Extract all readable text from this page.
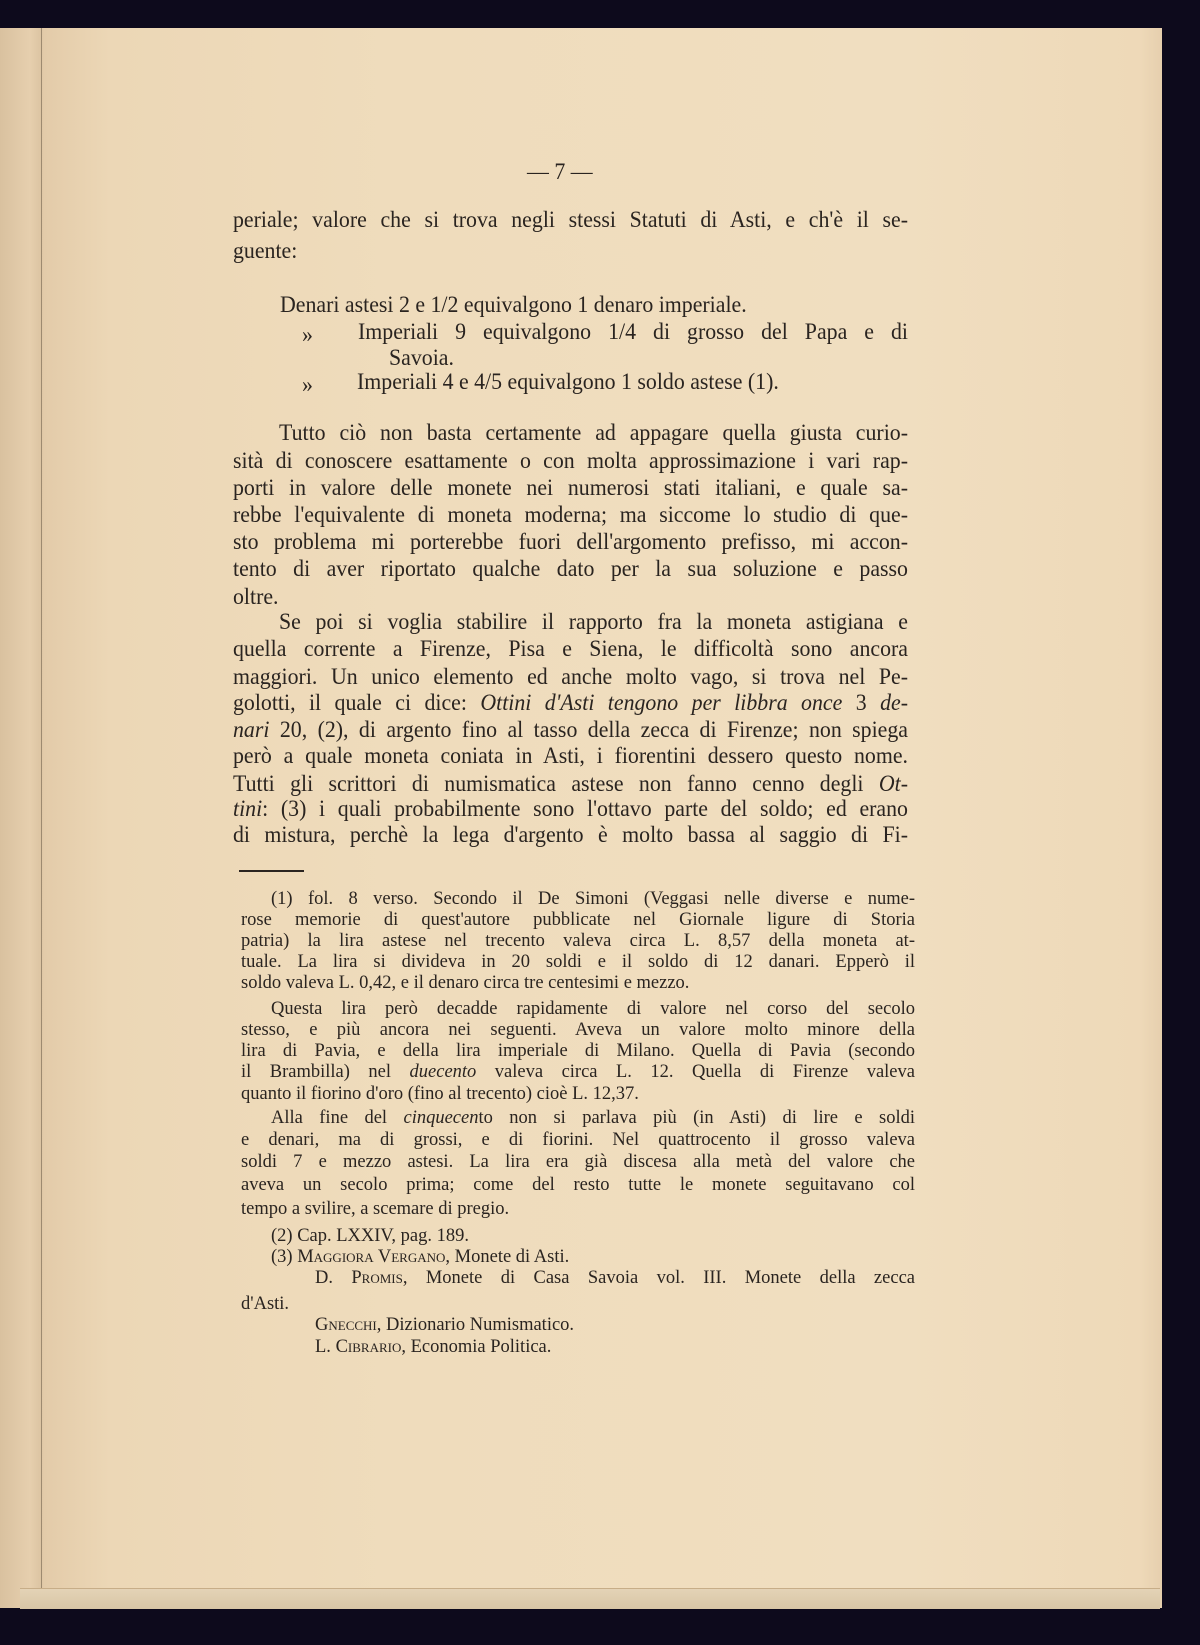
— 7 —
periale; valore che si trova negli stessi Statuti di Asti, e ch'è il se-
guente:
Denari astesi 2 e 1/2 equivalgono 1 denaro imperiale.
» Imperiali 9 equivalgono 1/4 di grosso del Papa e di
Savoia.
» Imperiali 4 e 4/5 equivalgono 1 soldo astese (1).
Tutto ciò non basta certamente ad appagare quella giusta curio-
sità di conoscere esattamente o con molta approssimazione i vari rap-
porti in valore delle monete nei numerosi stati italiani, e quale sa-
rebbe l'equivalente di moneta moderna; ma siccome lo studio di que-
sto problema mi porterebbe fuori dell'argomento prefisso, mi accon-
tento di aver riportato qualche dato per la sua soluzione e passo
oltre.
Se poi si voglia stabilire il rapporto fra la moneta astigiana e
quella corrente a Firenze, Pisa e Siena, le difficoltà sono ancora
maggiori. Un unico elemento ed anche molto vago, si trova nel Pe-
golotti, il quale ci dice: Ottini d'Asti tengono per libbra once 3 de-
nari 20, (2), di argento fino al tasso della zecca di Firenze; non spiega
però a quale moneta coniata in Asti, i fiorentini dessero questo nome.
Tutti gli scrittori di numismatica astese non fanno cenno degli Ot-
tini: (3) i quali probabilmente sono l'ottavo parte del soldo; ed erano
di mistura, perchè la lega d'argento è molto bassa al saggio di Fi-
(1) fol. 8 verso. Secondo il De Simoni (Veggasi nelle diverse e nume-
rose memorie di quest'autore pubblicate nel Giornale ligure di Storia
patria) la lira astese nel trecento valeva circa L. 8,57 della moneta at-
tuale. La lira si divideva in 20 soldi e il soldo di 12 danari. Epperò il
soldo valeva L. 0,42, e il denaro circa tre centesimi e mezzo.
Questa lira però decadde rapidamente di valore nel corso del secolo
stesso, e più ancora nei seguenti. Aveva un valore molto minore della
lira di Pavia, e della lira imperiale di Milano. Quella di Pavia (secondo
il Brambilla) nel duecento valeva circa L. 12. Quella di Firenze valeva
quanto il fiorino d'oro (fino al trecento) cioè L. 12,37.
Alla fine del cinquecento non si parlava più (in Asti) di lire e soldi
e denari, ma di grossi, e di fiorini. Nel quattrocento il grosso valeva
soldi 7 e mezzo astesi. La lira era già discesa alla metà del valore che
aveva un secolo prima; come del resto tutte le monete seguitavano col
tempo a svilire, a scemare di pregio.
(2) Cap. LXXIV, pag. 189.
(3) Maggiora Vergano, Monete di Asti.
D. Promis, Monete di Casa Savoia vol. III. Monete della zecca
d'Asti.
Gnecchi, Dizionario Numismatico.
L. Cibrario, Economia Politica.
